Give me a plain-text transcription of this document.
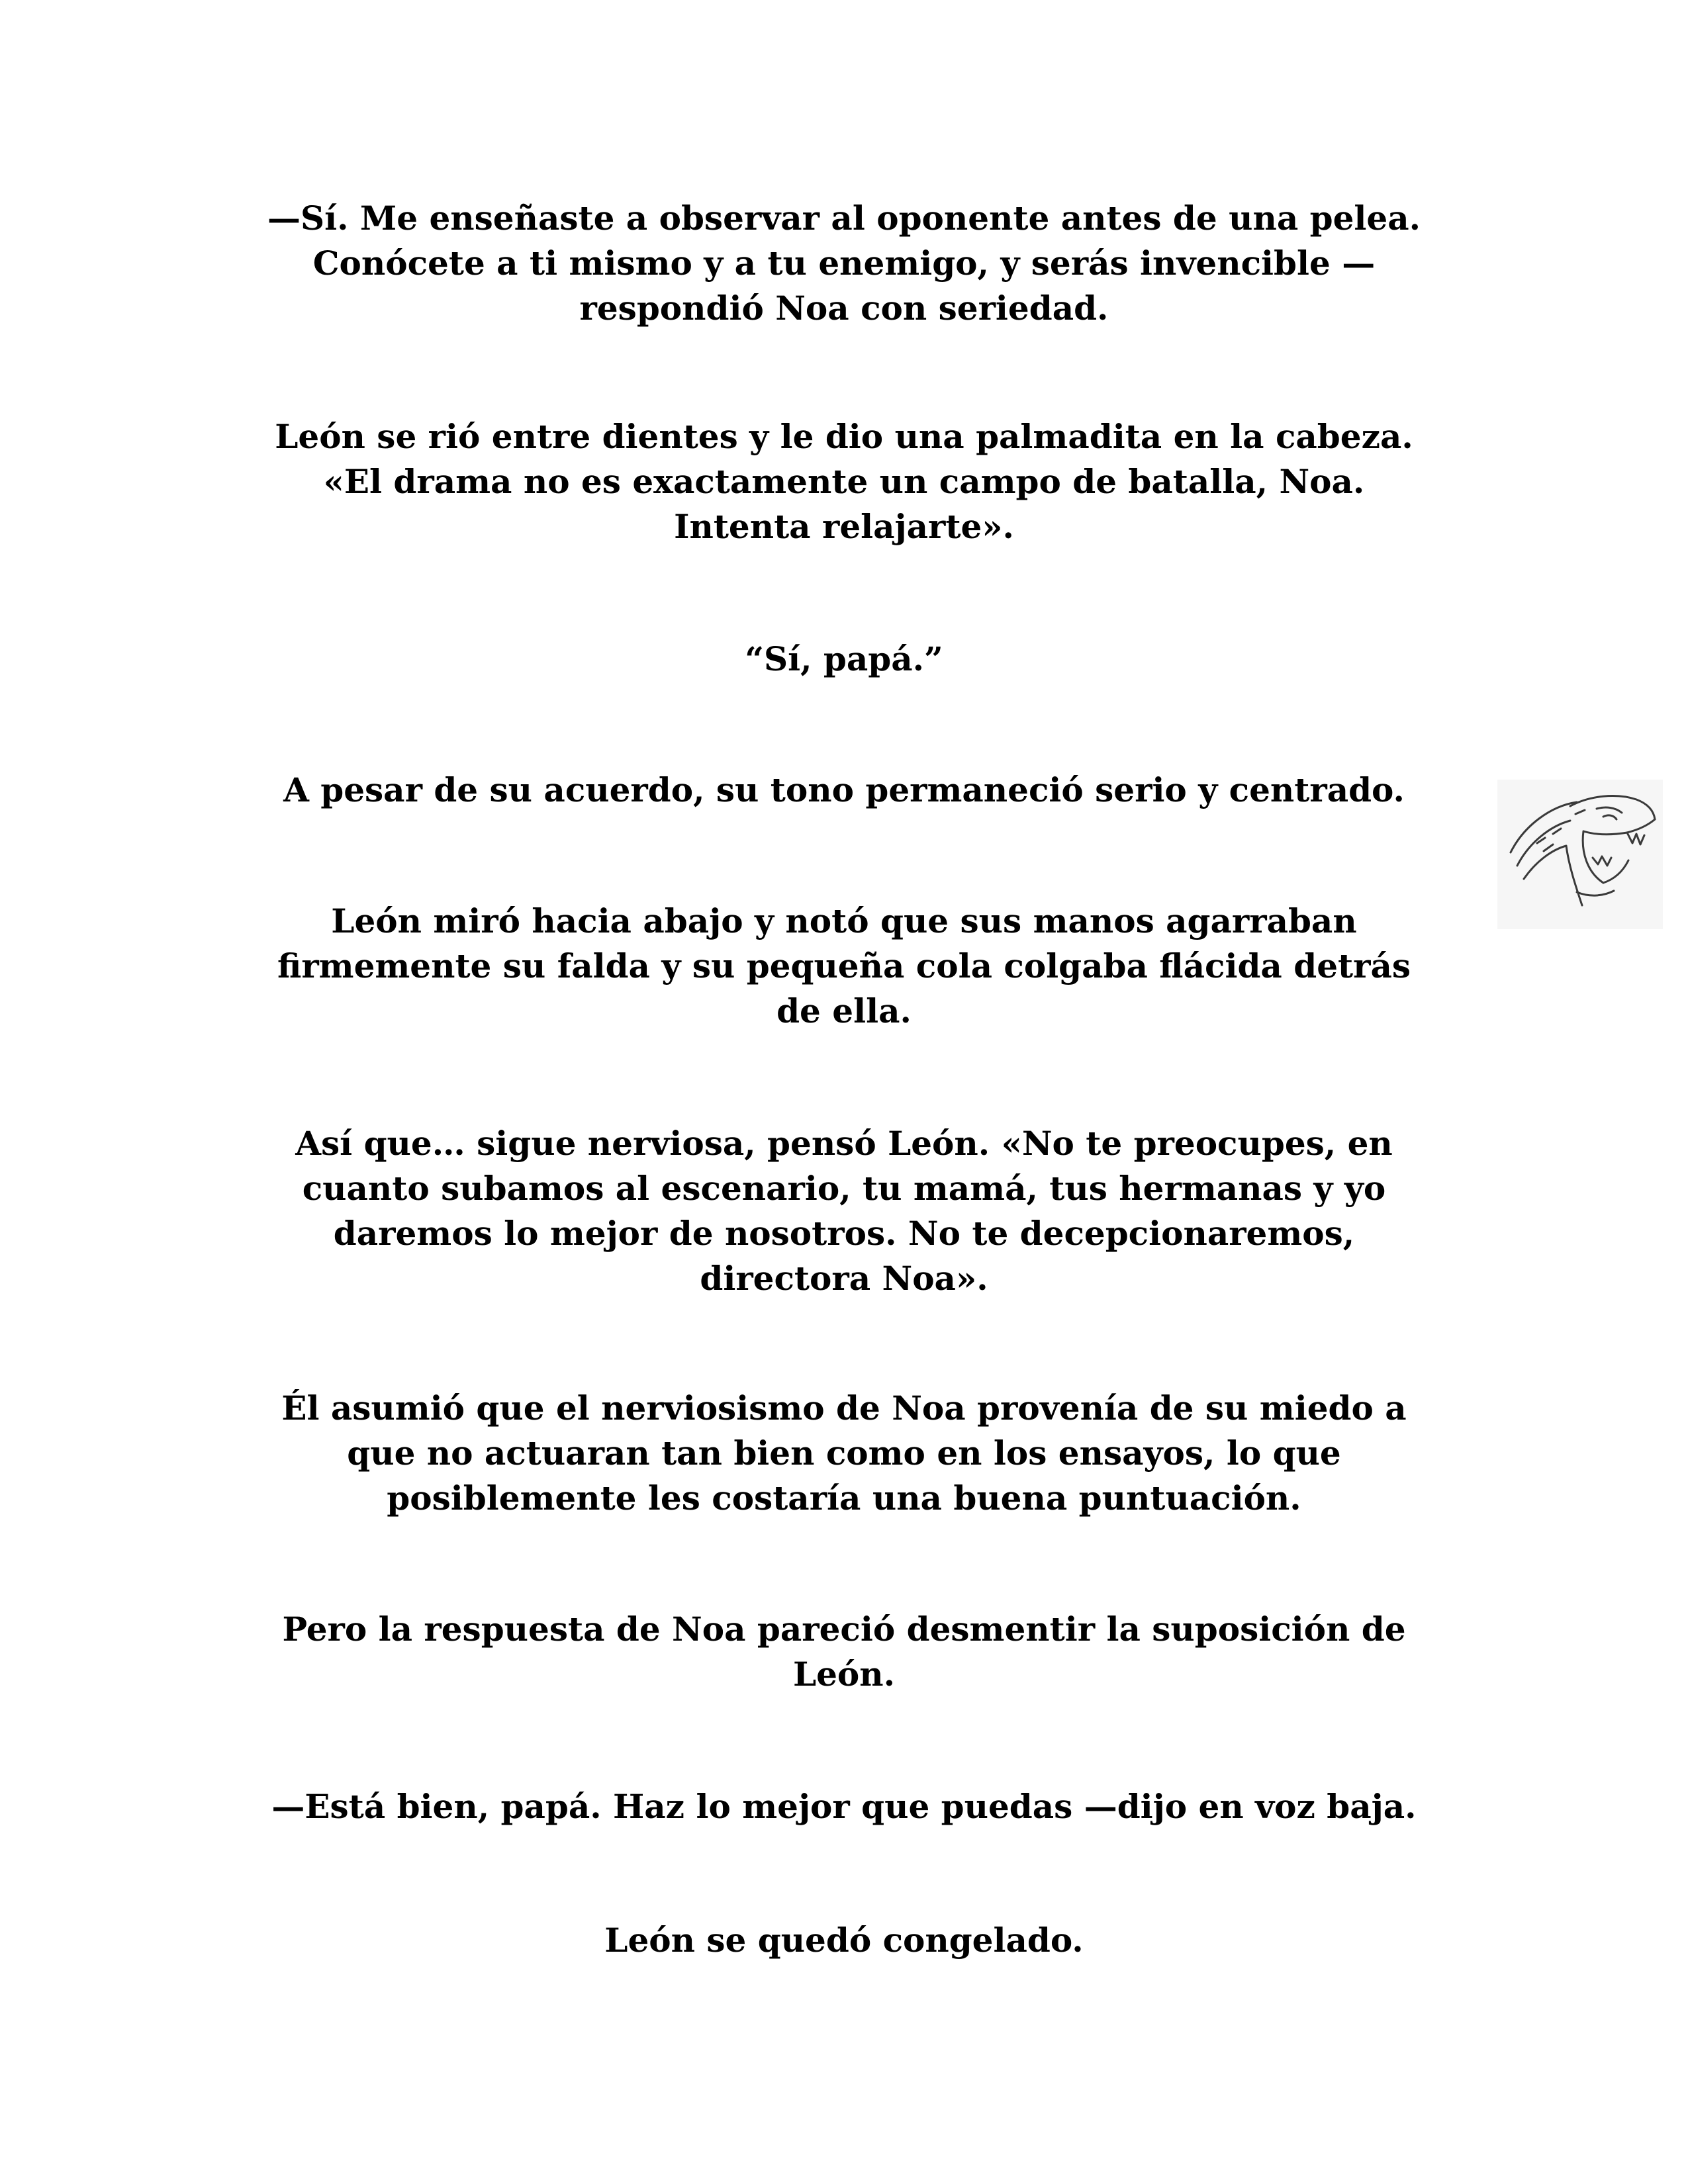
—Sí. Me enseñaste a observar al oponente antes de una pelea.
Conócete a ti mismo y a tu enemigo, y serás invencible —
respondió Noa con seriedad.

León se rió entre dientes y le dio una palmadita en la cabeza.
«El drama no es exactamente un campo de batalla, Noa.
Intenta relajarte».

“Sí, papá.”

A pesar de su acuerdo, su tono permaneció serio y centrado.

León miró hacia abajo y notó que sus manos agarraban
firmemente su falda y su pequeña cola colgaba flácida detrás
de ella.

Así que… sigue nerviosa, pensó León. «No te preocupes, en
cuanto subamos al escenario, tu mamá, tus hermanas y yo
daremos lo mejor de nosotros. No te decepcionaremos,
directora Noa».

Él asumió que el nerviosismo de Noa provenía de su miedo a
que no actuaran tan bien como en los ensayos, lo que
posiblemente les costaría una buena puntuación.

Pero la respuesta de Noa pareció desmentir la suposición de
León.

—Está bien, papá. Haz lo mejor que puedas —dijo en voz baja.

León se quedó congelado.
